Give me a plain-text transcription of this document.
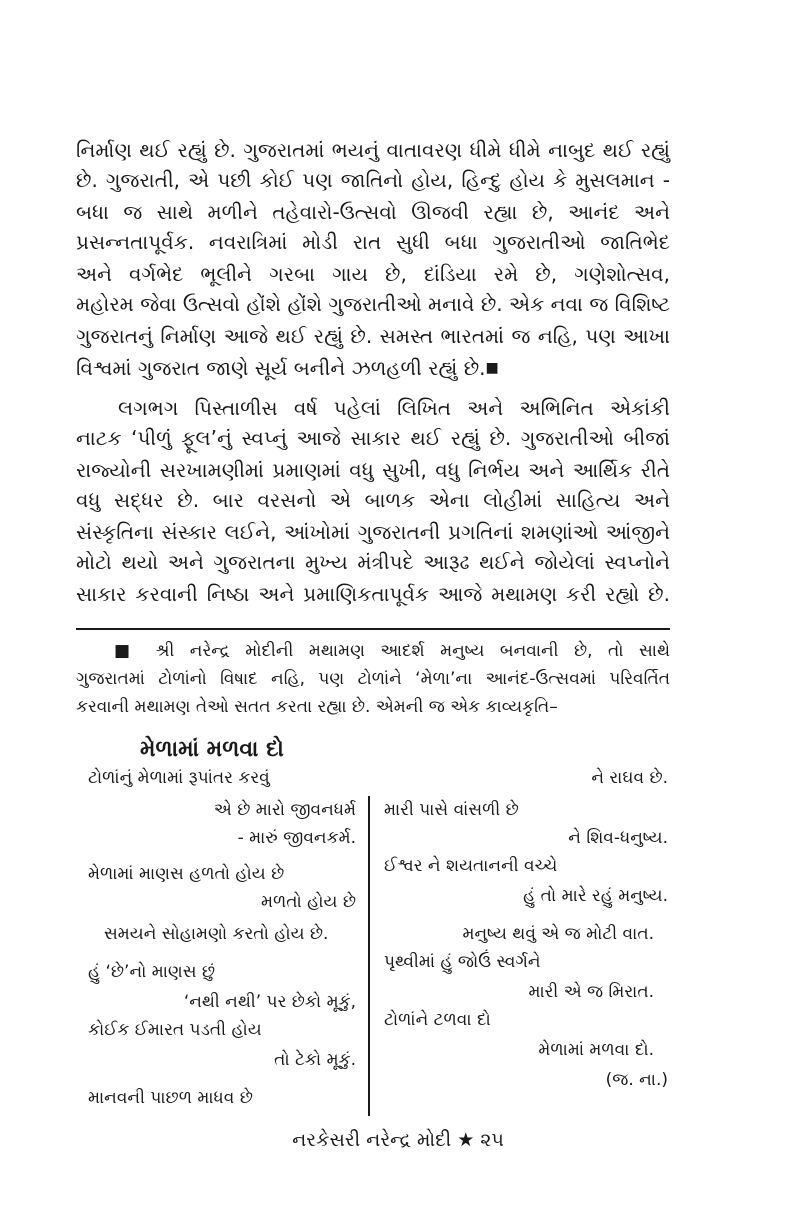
નિર્માણ થઈ રહ્યું છે. ગુજરાતમાં ભયનું વાતાવરણ ધીમે ધીમે નાબુદ થઈ રહ્યું
છે. ગુજરાતી, એ પછી કોઈ પણ જાતિનો હોય, હિન્દુ હોય કે મુસલમાન -
બધા જ સાથે મળીને તહેવારો-ઉત્સવો ઊજવી રહ્યા છે, આનંદ અને
પ્રસન્નતાપૂર્વક. નવરાત્રિમાં મોડી રાત સુધી બધા ગુજરાતીઓ જાતિભેદ
અને વર્ગભેદ ભૂલીને ગરબા ગાય છે, દાંડિયા રમે છે, ગણેશોત્સવ,
મહોરમ જેવા ઉત્સવો હોંશે હોંશે ગુજરાતીઓ મનાવે છે. એક નવા જ વિશિષ્ટ
ગુજરાતનું નિર્માણ આજે થઈ રહ્યું છે. સમસ્ત ભારતમાં જ નહિ, પણ આખા
વિશ્વમાં ગુજરાત જાણે સૂર્ય બનીને ઝળહળી રહ્યું છે.■
લગભગ પિસ્તાળીસ વર્ષ પહેલાં લિખિત અને અભિનિત એકાંકી
નાટક ‘પીળું ફૂલ’નું સ્વપ્નું આજે સાકાર થઈ રહ્યું છે. ગુજરાતીઓ બીજાં
રાજ્યોની સરખામણીમાં પ્રમાણમાં વધુ સુખી, વધુ નિર્ભય અને આર્થિક રીતે
વધુ સદ્ધર છે. બાર વરસનો એ બાળક એના લોહીમાં સાહિત્ય અને
સંસ્કૃતિના સંસ્કાર લઈને, આંખોમાં ગુજરાતની પ્રગતિનાં શમણાંઓ આંજીને
મોટો થયો અને ગુજરાતના મુખ્ય મંત્રીપદે આરૂઢ થઈને જોયેલાં સ્વપ્નોને
સાકાર કરવાની નિષ્ઠા અને પ્રમાણિકતાપૂર્વક આજે મથામણ કરી રહ્યો છે.
■ શ્રી નરેન્દ્ર મોદીની મથામણ આદર્શ મનુષ્ય બનવાની છે, તો સાથે
ગુજરાતમાં ટોળાંનો વિષાદ નહિ, પણ ટોળાંને ‘મેળા’ના આનંદ-ઉત્સવમાં પરિવર્તિત
કરવાની મથામણ તેઓ સતત કરતા રહ્યા છે. એમની જ એક કાવ્યકૃતિ–
મેળામાં મળવા દો
ટોળાંનું મેળામાં રૂપાંતર કરવું
એ છે મારો જીવનધર્મ
- મારું જીવનકર્મ.
મેળામાં માણસ હળતો હોય છે
મળતો હોય છે
સમયને સોહામણો કરતો હોય છે.
હું ‘છે’નો માણસ છું
‘નથી નથી’ પર છેકો મૂકું,
કોઈક ઈમારત પડતી હોય
તો ટેકો મૂકું.
માનવની પાછળ માધવ છે
ને રાઘવ છે.
મારી પાસે વાંસળી છે
ને શિવ-ધનુષ્ય.
ઈશ્વર ને શયતાનની વચ્ચે
હું તો મારે રહું મનુષ્ય.
મનુષ્ય થવું એ જ મોટી વાત.
પૃથ્વીમાં હું જોઉં સ્વર્ગને
મારી એ જ મિરાત.
ટોળાંને ટળવા દો
મેળામાં મળવા દો.
(જ. ના.)
નરકેસરી નરેન્દ્ર મોદી ★ ૨૫
